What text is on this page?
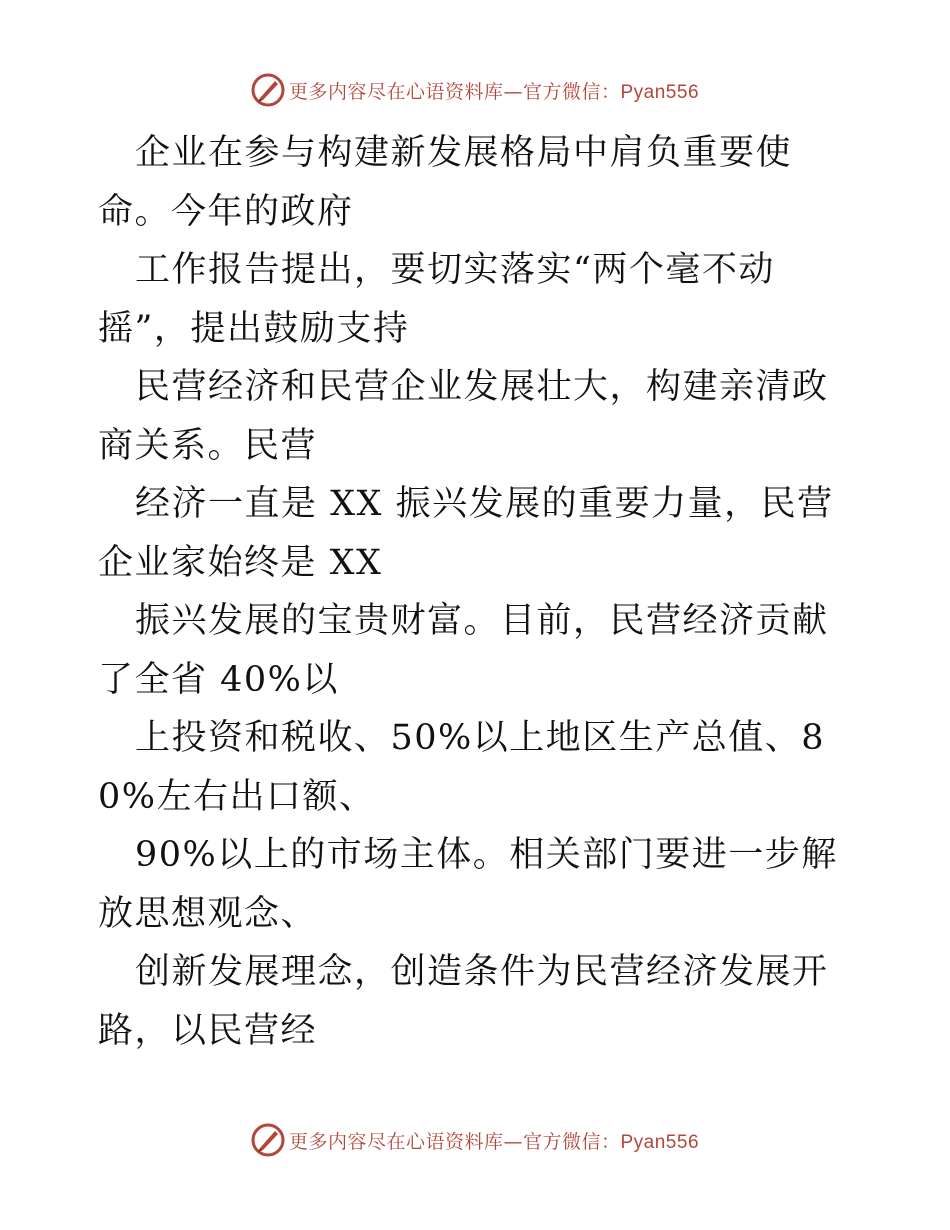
更多内容尽在心语资料库—官方微信：Pyan556

企业在参与构建新发展格局中肩负重要使命。今年的政府

工作报告提出，要切实落实“两个毫不动摇”，提出鼓励支持

民营经济和民营企业发展壮大，构建亲清政商关系。民营

经济一直是 XX 振兴发展的重要力量，民营企业家始终是 XX

振兴发展的宝贵财富。目前，民营经济贡献了全省 40%以

上投资和税收、50%以上地区生产总值、80%左右出口额、

90%以上的市场主体。相关部门要进一步解放思想观念、

创新发展理念，创造条件为民营经济发展开路，以民营经

更多内容尽在心语资料库—官方微信：Pyan556
